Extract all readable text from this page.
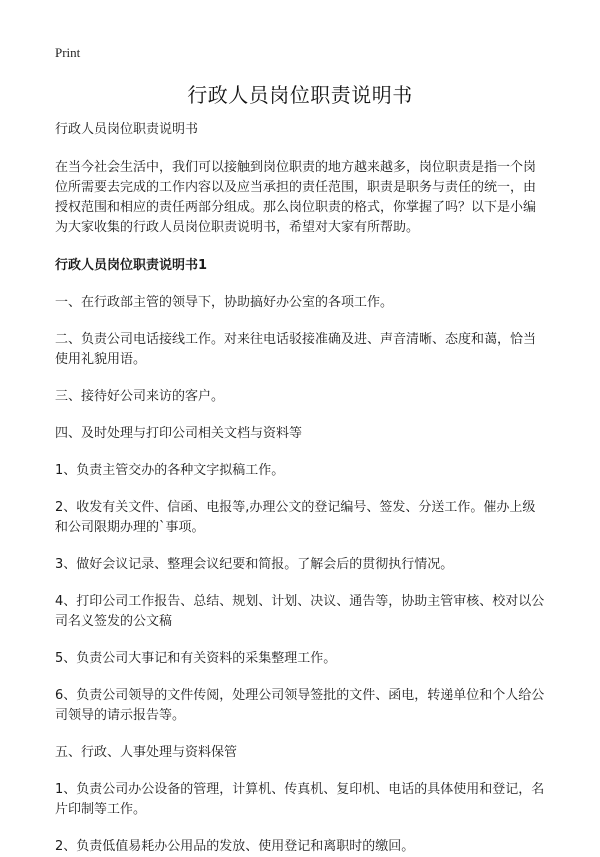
Print
行政人员岗位职责说明书

行政人员岗位职责说明书

在当今社会生活中，我们可以接触到岗位职责的地方越来越多，岗位职责是指一个岗位所需要去完成的工作内容以及应当承担的责任范围，职责是职务与责任的统一，由授权范围和相应的责任两部分组成。那么岗位职责的格式，你掌握了吗？以下是小编为大家收集的行政人员岗位职责说明书，希望对大家有所帮助。

行政人员岗位职责说明书1

一、在行政部主管的领导下，协助搞好办公室的各项工作。

二、负责公司电话接线工作。对来往电话驳接准确及进、声音清晰、态度和蔼，恰当使用礼貌用语。

三、接待好公司来访的客户。

四、及时处理与打印公司相关文档与资料等

1、负责主管交办的各种文字拟稿工作。

2、收发有关文件、信函、电报等,办理公文的登记编号、签发、分送工作。催办上级和公司限期办理的`事项。

3、做好会议记录、整理会议纪要和简报。了解会后的贯彻执行情况。

4、打印公司工作报告、总结、规划、计划、决议、通告等，协助主管审核、校对以公司名义签发的公文稿

5、负责公司大事记和有关资料的采集整理工作。

6、负责公司领导的文件传阅，处理公司领导签批的文件、函电，转递单位和个人给公司领导的请示报告等。

五、行政、人事处理与资料保管

1、负责公司办公设备的管理，计算机、传真机、复印机、电话的具体使用和登记，名片印制等工作。

2、负责低值易耗办公用品的发放、使用登记和离职时的缴回。
